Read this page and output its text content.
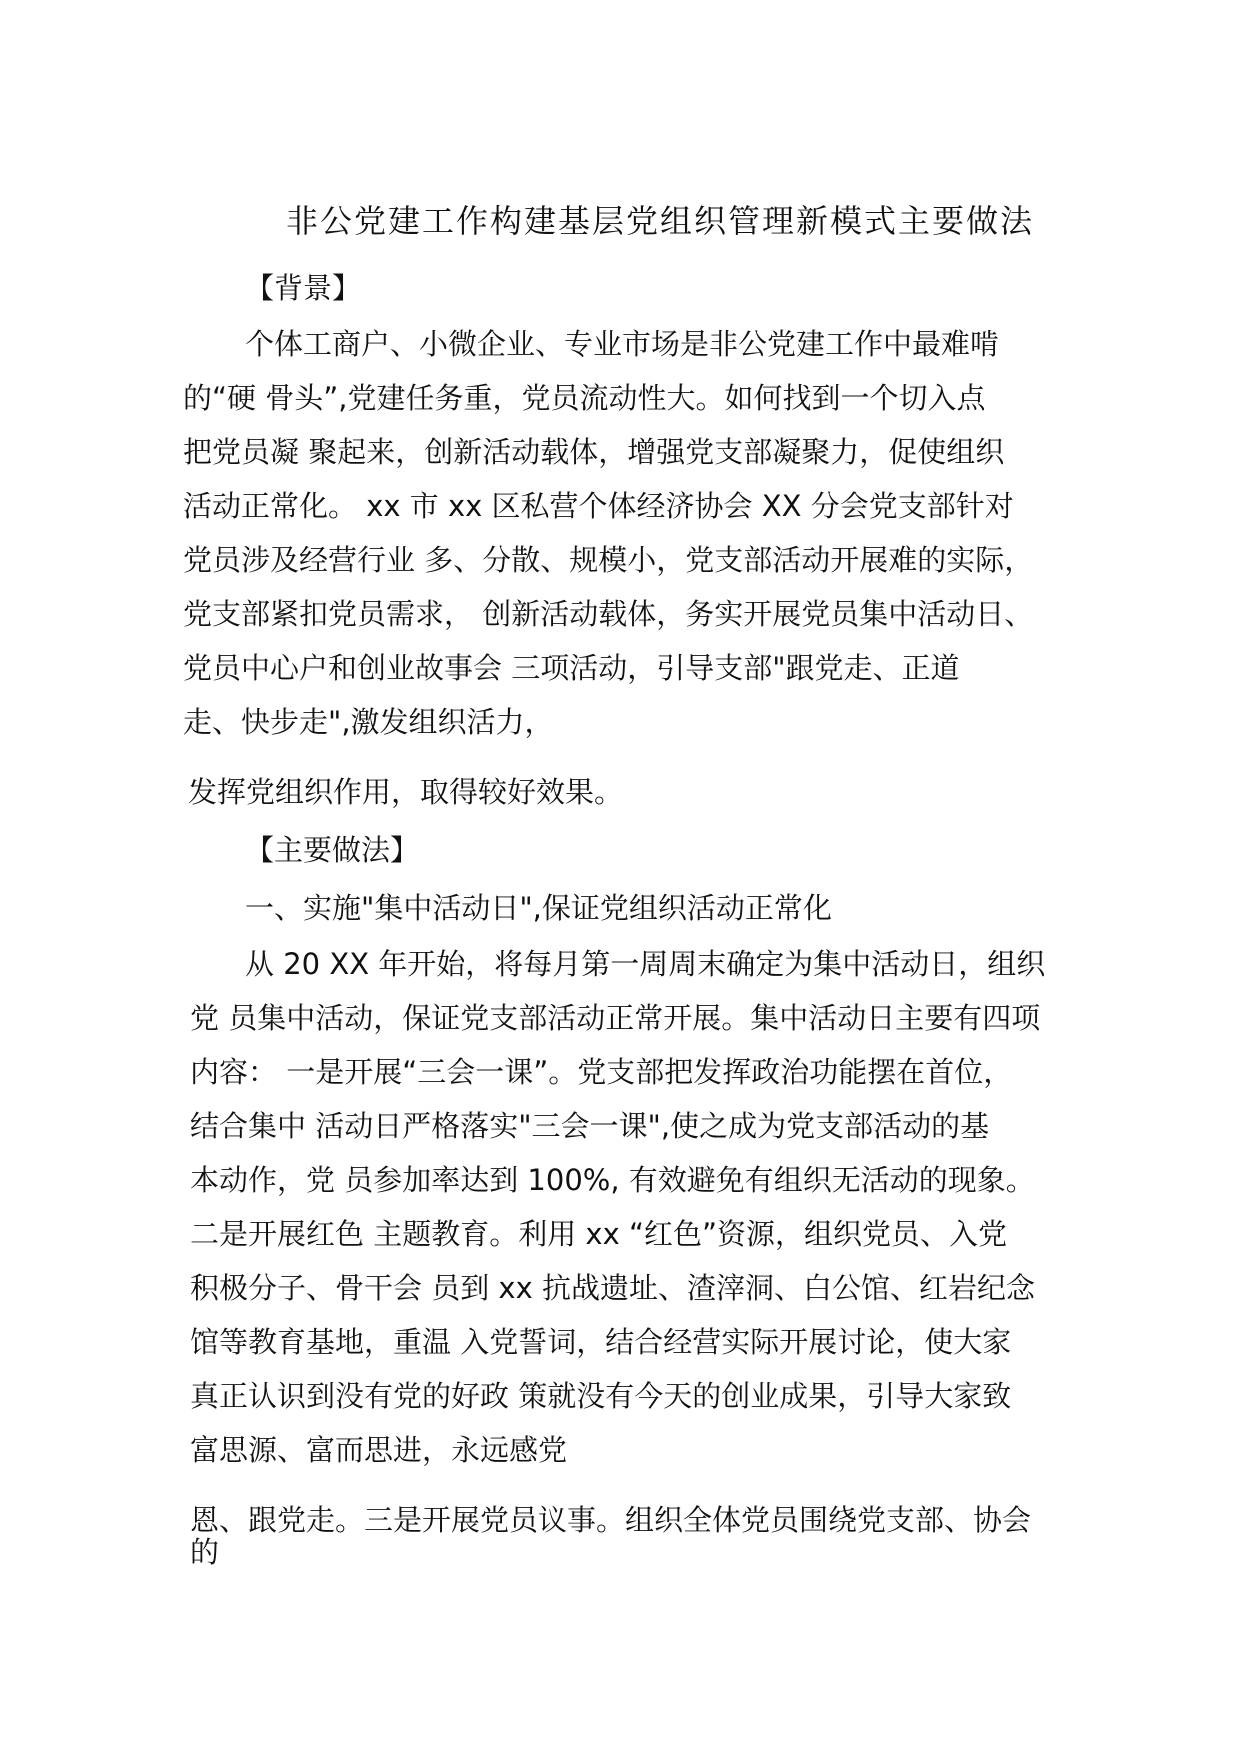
非公党建工作构建基层党组织管理新模式主要做法
【背景】
个体工商户、小微企业、专业市场是非公党建工作中最难啃
的“硬 骨头”,党建任务重，党员流动性大。如何找到一个切入点
把党员凝 聚起来，创新活动载体，增强党支部凝聚力，促使组织
活动正常化。 xx 市 xx 区私营个体经济协会 XX 分会党支部针对
党员涉及经营行业 多、分散、规模小，党支部活动开展难的实际，
党支部紧扣党员需求， 创新活动载体，务实开展党员集中活动日、
党员中心户和创业故事会 三项活动，引导支部"跟党走、正道
走、快步走",激发组织活力，
发挥党组织作用，取得较好效果。
【主要做法】
一、实施"集中活动日",保证党组织活动正常化
从 20 XX 年开始，将每月第一周周末确定为集中活动日，组织
党 员集中活动，保证党支部活动正常开展。集中活动日主要有四项
内容： 一是开展“三会一课”。党支部把发挥政治功能摆在首位，
结合集中 活动日严格落实"三会一课",使之成为党支部活动的基
本动作，党 员参加率达到 100%, 有效避免有组织无活动的现象。
二是开展红色 主题教育。利用 xx “红色”资源，组织党员、入党
积极分子、骨干会 员到 xx 抗战遗址、渣滓洞、白公馆、红岩纪念
馆等教育基地，重温 入党誓词，结合经营实际开展讨论，使大家
真正认识到没有党的好政 策就没有今天的创业成果，引导大家致
富思源、富而思进，永远感党
恩、跟党走。三是开展党员议事。组织全体党员围绕党支部、协会
的
